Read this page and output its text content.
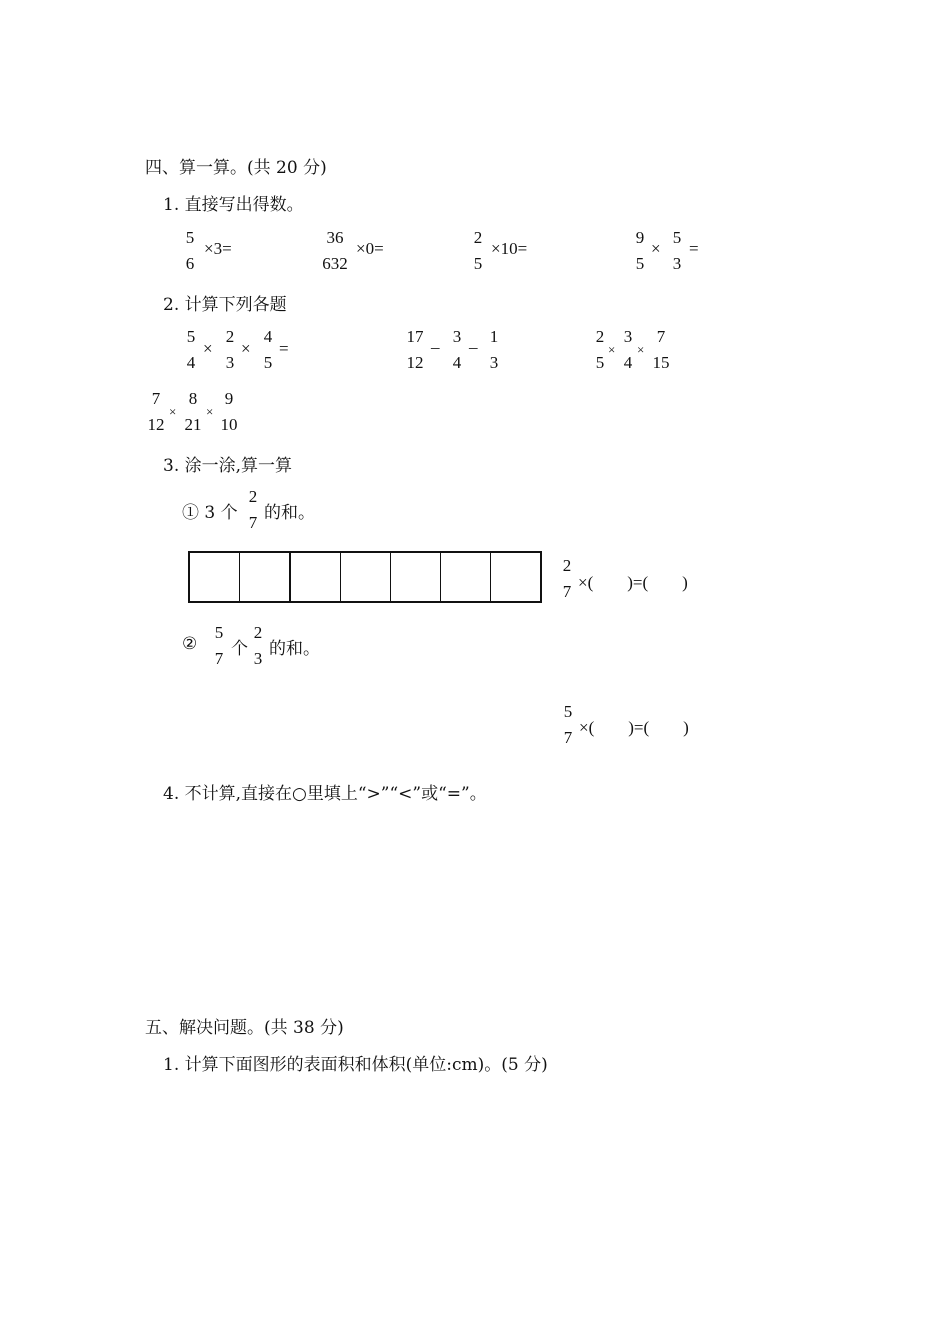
四、算一算。(共 20 分)
1. 直接写出得数。
5
6
×3=
36
632
×0=
2
5
×10=
9
5
×
5
3
=
2. 计算下列各题
5
4
×
2
3
×
4
5
=
17
12
_ 3
4
_ 1
3
2
5
×
3
4
×
7
15
7
12
×
8
21
×
9
10
3. 涂一涂,算一算
① 3 个
2
7 的和。
2
7 ×(　　)=(　　)
②
5
7 个
2
3 的和。
5
7
×(　　)=(　　)
4. 不计算,直接在○里填上“>”“<”或“=”。
五、解决问题。(共 38 分)
1. 计算下面图形的表面积和体积(单位:cm)。(5 分)
